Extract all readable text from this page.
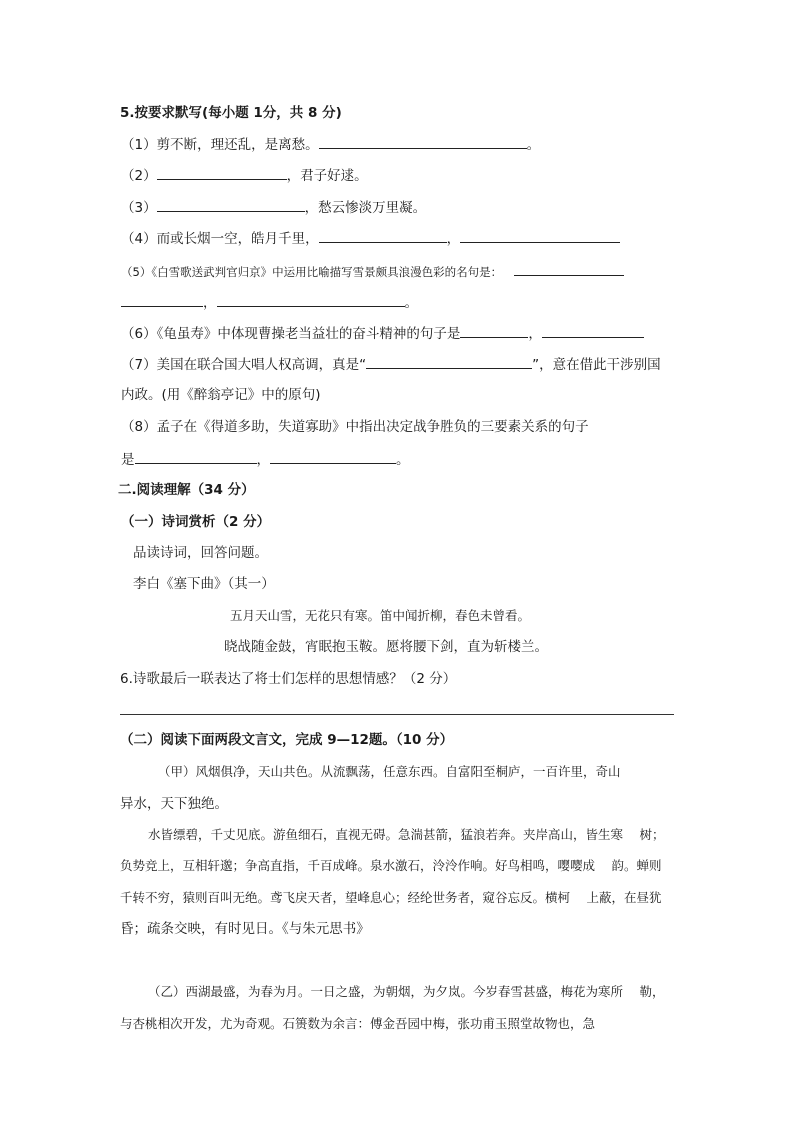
5.按要求默写(每小题 1分，共 8 分)
（1）剪不断，理还乱，是离愁。	。
（2）	，君子好逑。
（3）	，愁云惨淡万里凝。
（4）而或长烟一空，皓月千里，	，
（5）《白雪歌送武判官归京》中运用比喻描写雪景颇具浪漫色彩的名句是：
，	。
（6）《龟虽寿》中体现曹操老当益壮的奋斗精神的句子是	，
（7）美国在联合国大唱人权高调，真是“	”，意在借此干涉别国
内政。(用《醉翁亭记》中的原句)
（8）孟子在《得道多助，失道寡助》中指出决定战争胜负的三要素关系的句子
是	，	。
二.阅读理解（34 分）
（一）诗词赏析（2 分）
品读诗词，回答问题。
李白《塞下曲》（其一）
五月天山雪，无花只有寒。笛中闻折柳，春色未曾看。
晓战随金鼓，宵眠抱玉鞍。愿将腰下剑，直为斩楼兰。
6.诗歌最后一联表达了将士们怎样的思想情感？（2 分）
（二）阅读下面两段文言文，完成 9—12题。（10 分）
（甲）风烟俱净，天山共色。从流飘荡，任意东西。自富阳至桐庐，一百许里，奇山
异水，天下独绝。
水皆缥碧，千丈见底。游鱼细石，直视无碍。急湍甚箭，猛浪若奔。夹岸高山，皆生寒　 树；
负势竞上，互相轩邈；争高直指，千百成峰。泉水激石，泠泠作响。好鸟相鸣，嘤嘤成　 韵。蝉则
千转不穷，猿则百叫无绝。鸢飞戾天者，望峰息心；经纶世务者，窥谷忘反。横柯　 上蔽，在昼犹
昏；疏条交映，有时见日。《与朱元思书》
（乙）西湖最盛，为春为月。一日之盛，为朝烟，为夕岚。今岁春雪甚盛，梅花为寒所　 勒，
与杏桃相次开发，尤为奇观。石篑数为余言：傅金吾园中梅，张功甫玉照堂故物也，急
